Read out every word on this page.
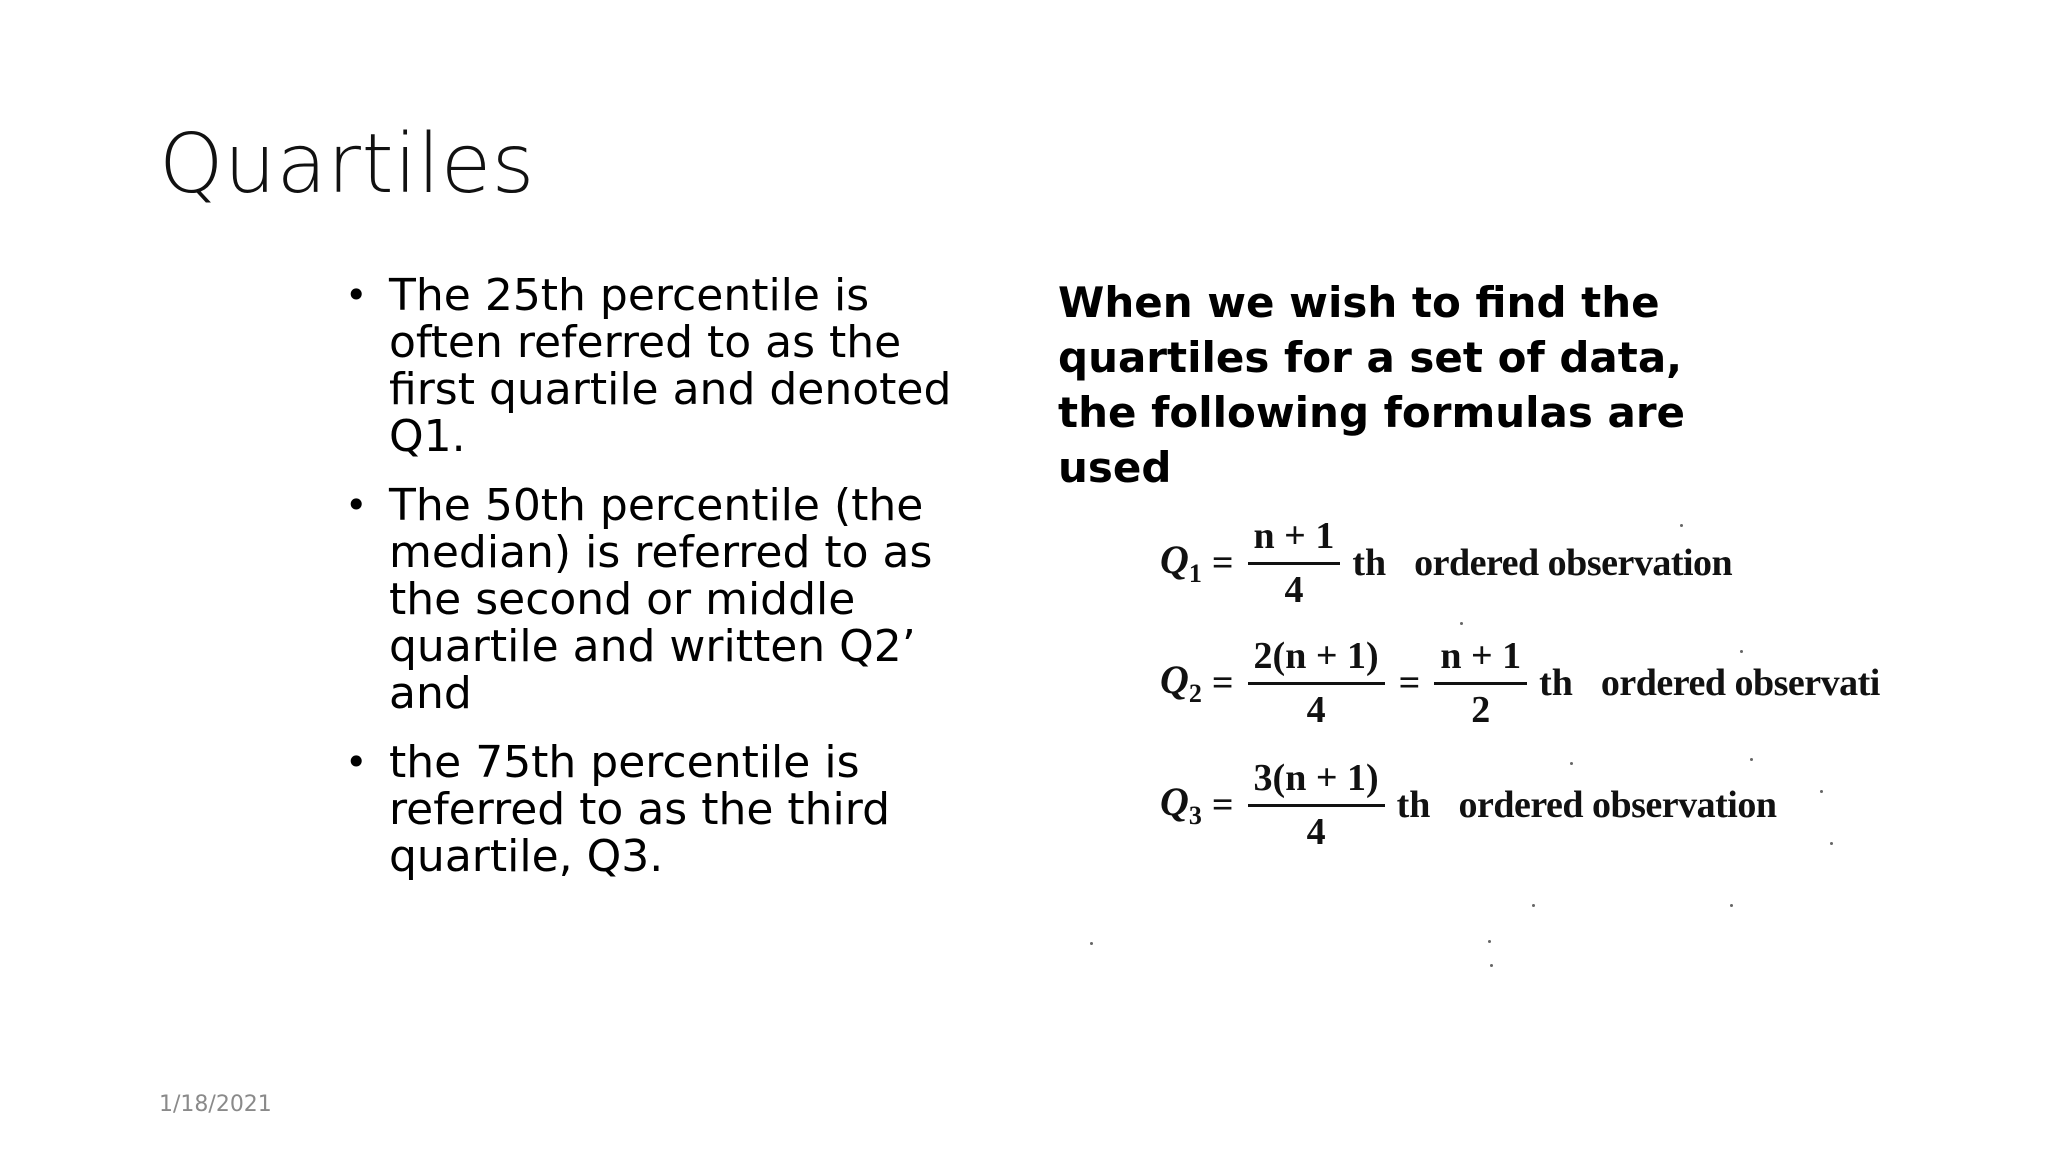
Quartiles
• The 25th percentile is often referred to as the first quartile and denoted Q1.
• The 50th percentile (the median) is referred to as the second or middle quartile and written Q2’ and
• the 75th percentile is referred to as the third quartile, Q3.
When we wish to find the quartiles for a set of data, the following formulas are used
$Q_1 = \frac{n + 1}{4}$ th ordered observation
$Q_2 = \frac{2(n + 1)}{4} = \frac{n + 1}{2}$ th ordered observati
$Q_3 = \frac{3(n + 1)}{4}$ th ordered observation
1/18/2021
